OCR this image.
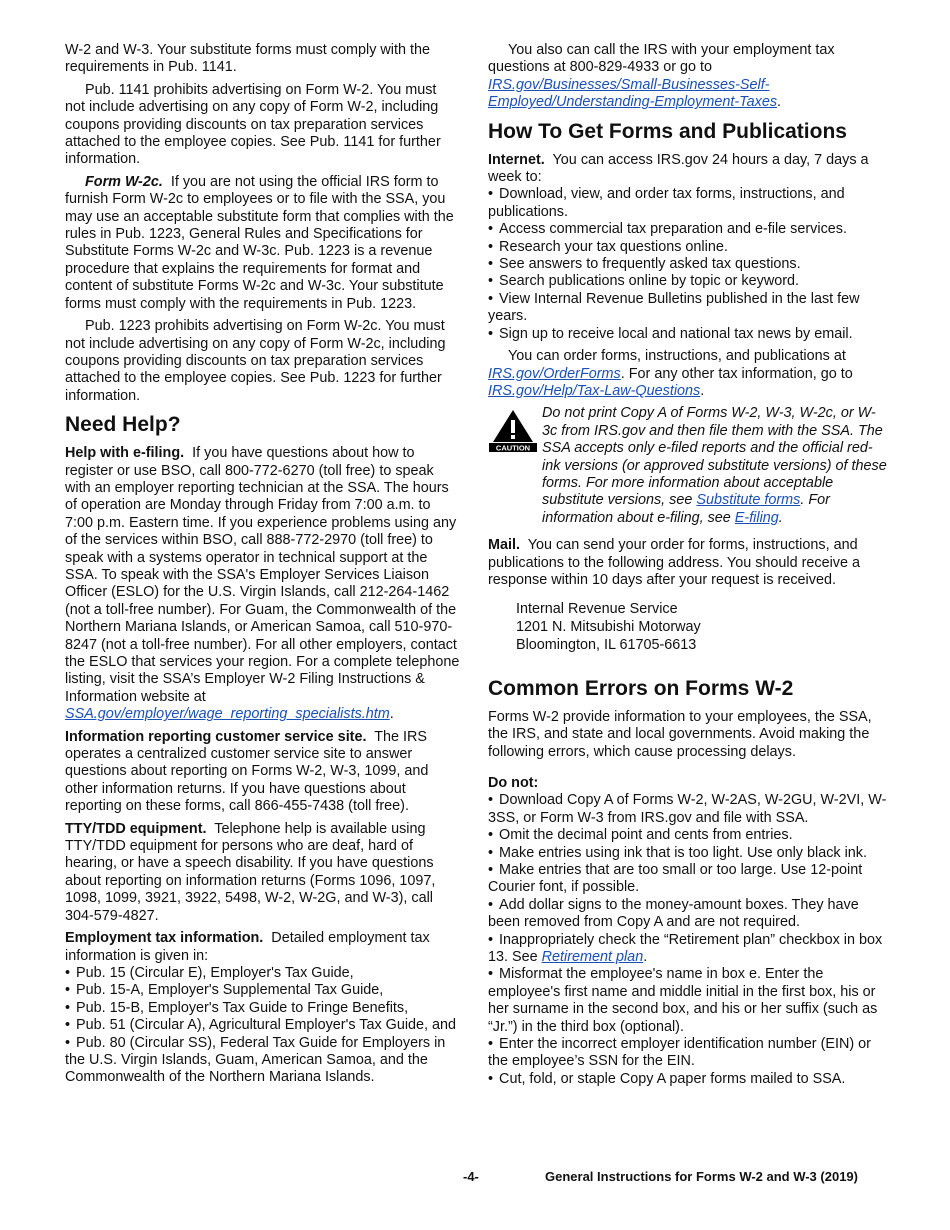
W-2 and W-3. Your substitute forms must comply with the requirements in Pub. 1141.

Pub. 1141 prohibits advertising on Form W-2. You must not include advertising on any copy of Form W-2, including coupons providing discounts on tax preparation services attached to the employee copies. See Pub. 1141 for further information.

Form W-2c. If you are not using the official IRS form to furnish Form W-2c to employees or to file with the SSA, you may use an acceptable substitute form that complies with the rules in Pub. 1223, General Rules and Specifications for Substitute Forms W-2c and W-3c. Pub. 1223 is a revenue procedure that explains the requirements for format and content of substitute Forms W-2c and W-3c. Your substitute forms must comply with the requirements in Pub. 1223.

Pub. 1223 prohibits advertising on Form W-2c. You must not include advertising on any copy of Form W-2c, including coupons providing discounts on tax preparation services attached to the employee copies. See Pub. 1223 for further information.

Need Help?

Help with e-filing. If you have questions about how to register or use BSO, call 800-772-6270 (toll free) to speak with an employer reporting technician at the SSA. The hours of operation are Monday through Friday from 7:00 a.m. to 7:00 p.m. Eastern time. If you experience problems using any of the services within BSO, call 888-772-2970 (toll free) to speak with a systems operator in technical support at the SSA. To speak with the SSA's Employer Services Liaison Officer (ESLO) for the U.S. Virgin Islands, call 212-264-1462 (not a toll-free number). For Guam, the Commonwealth of the Northern Mariana Islands, or American Samoa, call 510-970-8247 (not a toll-free number). For all other employers, contact the ESLO that services your region. For a complete telephone listing, visit the SSA’s Employer W-2 Filing Instructions & Information website at SSA.gov/employer/wage_reporting_specialists.htm.

Information reporting customer service site. The IRS operates a centralized customer service site to answer questions about reporting on Forms W-2, W-3, 1099, and other information returns. If you have questions about reporting on these forms, call 866-455-7438 (toll free).

TTY/TDD equipment. Telephone help is available using TTY/TDD equipment for persons who are deaf, hard of hearing, or have a speech disability. If you have questions about reporting on information returns (Forms 1096, 1097, 1098, 1099, 3921, 3922, 5498, W-2, W-2G, and W-3), call 304-579-4827.

Employment tax information. Detailed employment tax information is given in:

• Pub. 15 (Circular E), Employer's Tax Guide,
• Pub. 15-A, Employer's Supplemental Tax Guide,
• Pub. 15-B, Employer's Tax Guide to Fringe Benefits,
• Pub. 51 (Circular A), Agricultural Employer's Tax Guide, and
• Pub. 80 (Circular SS), Federal Tax Guide for Employers in the U.S. Virgin Islands, Guam, American Samoa, and the Commonwealth of the Northern Mariana Islands.

You also can call the IRS with your employment tax questions at 800-829-4933 or go to IRS.gov/Businesses/Small-Businesses-Self-Employed/Understanding-Employment-Taxes.

How To Get Forms and Publications

Internet. You can access IRS.gov 24 hours a day, 7 days a week to:

• Download, view, and order tax forms, instructions, and publications.
• Access commercial tax preparation and e-file services.
• Research your tax questions online.
• See answers to frequently asked tax questions.
• Search publications online by topic or keyword.
• View Internal Revenue Bulletins published in the last few years.
• Sign up to receive local and national tax news by email.

You can order forms, instructions, and publications at IRS.gov/OrderForms. For any other tax information, go to IRS.gov/Help/Tax-Law-Questions.

CAUTION

Do not print Copy A of Forms W-2, W-3, W-2c, or W-3c from IRS.gov and then file them with the SSA. The SSA accepts only e-filed reports and the official red-ink versions (or approved substitute versions) of these forms. For more information about acceptable substitute versions, see Substitute forms. For information about e-filing, see E-filing.

Mail. You can send your order for forms, instructions, and publications to the following address. You should receive a response within 10 days after your request is received.

Internal Revenue Service
1201 N. Mitsubishi Motorway
Bloomington, IL 61705-6613
Common Errors on Forms W-2

Forms W-2 provide information to your employees, the SSA, the IRS, and state and local governments. Avoid making the following errors, which cause processing delays.

Do not:

• Download Copy A of Forms W-2, W-2AS, W-2GU, W-2VI, W-3SS, or Form W-3 from IRS.gov and file with SSA.
• Omit the decimal point and cents from entries.
• Make entries using ink that is too light. Use only black ink.
• Make entries that are too small or too large. Use 12-point Courier font, if possible.
• Add dollar signs to the money-amount boxes. They have been removed from Copy A and are not required.
• Inappropriately check the “Retirement plan” checkbox in box 13. See Retirement plan.
• Misformat the employee's name in box e. Enter the employee's first name and middle initial in the first box, his or her surname in the second box, and his or her suffix (such as “Jr.”) in the third box (optional).
• Enter the incorrect employer identification number (EIN) or the employee’s SSN for the EIN.
• Cut, fold, or staple Copy A paper forms mailed to SSA.
-4-	General Instructions for Forms W-2 and W-3 (2019)
